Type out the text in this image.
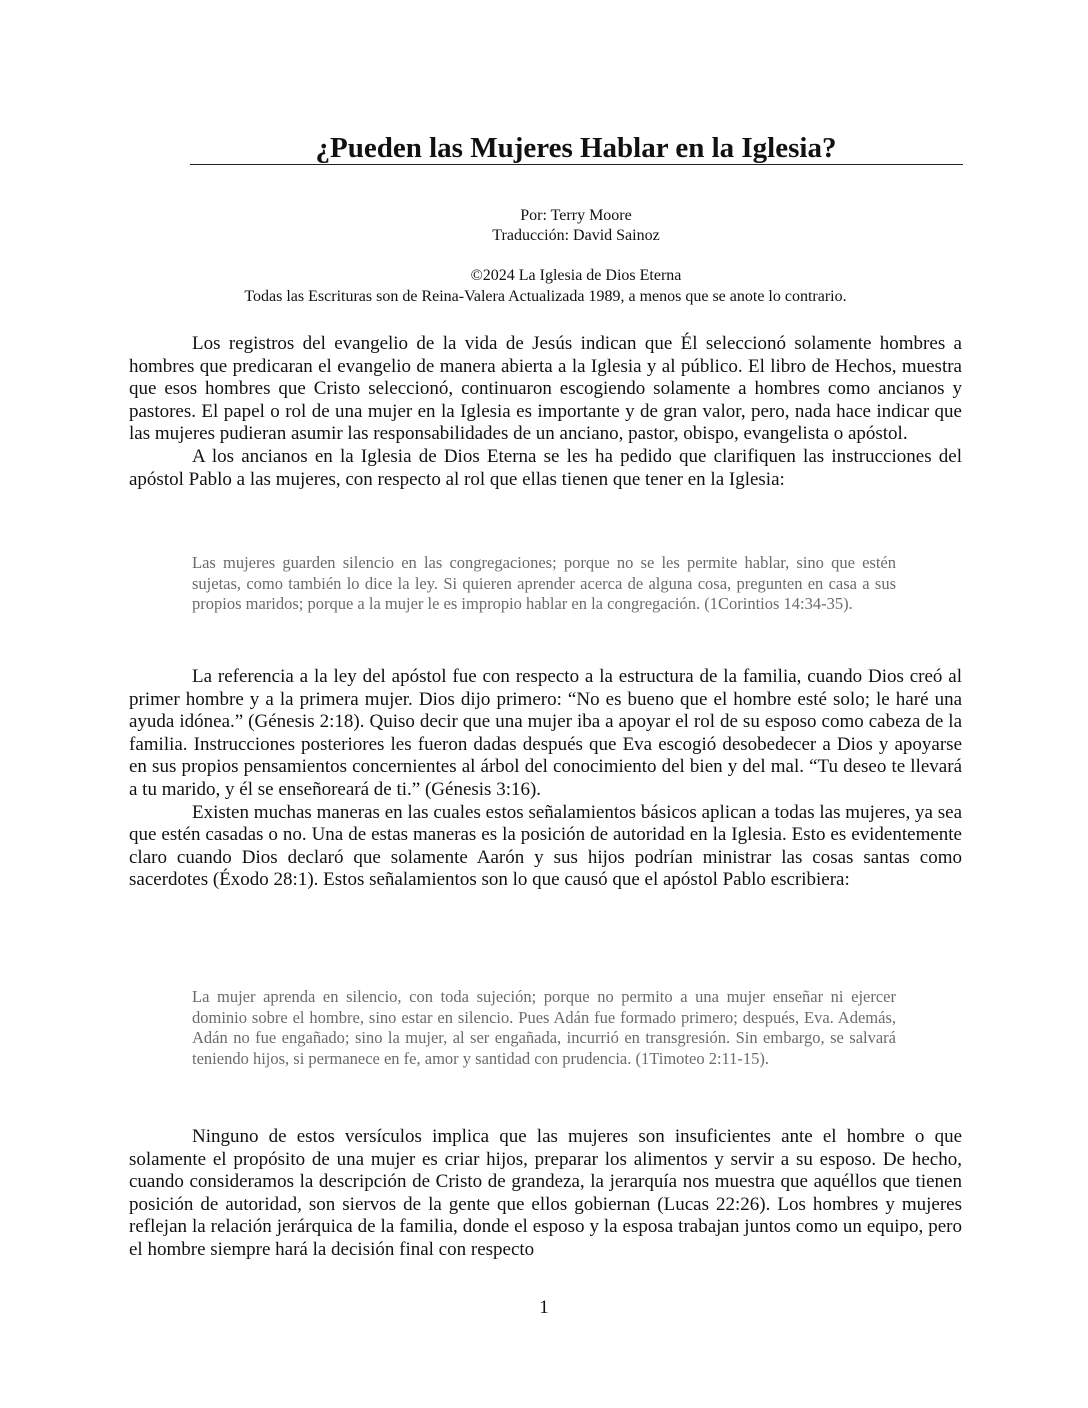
¿Pueden las Mujeres Hablar en la Iglesia?

Por: Terry Moore

Traducción: David Sainoz

©2024 La Iglesia de Dios Eterna

Todas las Escrituras son de Reina-Valera Actualizada 1989, a menos que se anote lo contrario.

Los registros del evangelio de la vida de Jesús indican que Él seleccionó solamente hombres a hombres que predicaran el evangelio de manera abierta a la Iglesia y al público. El libro de Hechos, muestra que esos hombres que Cristo seleccionó, continuaron escogiendo solamente a hombres como ancianos y pastores. El papel o rol de una mujer en la Iglesia es importante y de gran valor, pero, nada hace indicar que las mujeres pudieran asumir las responsabilidades de un anciano, pastor, obispo, evangelista o apóstol.

A los ancianos en la Iglesia de Dios Eterna se les ha pedido que clarifiquen las instrucciones del apóstol Pablo a las mujeres, con respecto al rol que ellas tienen que tener en la Iglesia:

Las mujeres guarden silencio en las congregaciones; porque no se les permite hablar, sino que estén sujetas, como también lo dice la ley. Si quieren aprender acerca de alguna cosa, pregunten en casa a sus propios maridos; porque a la mujer le es impropio hablar en la congregación. (1Corintios 14:34-35).

La referencia a la ley del apóstol fue con respecto a la estructura de la familia, cuando Dios creó al primer hombre y a la primera mujer. Dios dijo primero: “No es bueno que el hombre esté solo; le haré una ayuda idónea.” (Génesis 2:18). Quiso decir que una mujer iba a apoyar el rol de su esposo como cabeza de la familia. Instrucciones posteriores les fueron dadas después que Eva escogió desobedecer a Dios y apoyarse en sus propios pensamientos concernientes al árbol del conocimiento del bien y del mal. “Tu deseo te llevará a tu marido, y él se enseñoreará de ti.” (Génesis 3:16).

Existen muchas maneras en las cuales estos señalamientos básicos aplican a todas las mujeres, ya sea que estén casadas o no. Una de estas maneras es la posición de autoridad en la Iglesia. Esto es evidentemente claro cuando Dios declaró que solamente Aarón y sus hijos podrían ministrar las cosas santas como sacerdotes (Éxodo 28:1). Estos señalamientos son lo que causó que el apóstol Pablo escribiera:

La mujer aprenda en silencio, con toda sujeción; porque no permito a una mujer enseñar ni ejercer dominio sobre el hombre, sino estar en silencio. Pues Adán fue formado primero; después, Eva. Además, Adán no fue engañado; sino la mujer, al ser engañada, incurrió en transgresión. Sin embargo, se salvará teniendo hijos, si permanece en fe, amor y santidad con prudencia. (1Timoteo 2:11-15).

Ninguno de estos versículos implica que las mujeres son insuficientes ante el hombre o que solamente el propósito de una mujer es criar hijos, preparar los alimentos y servir a su esposo. De hecho, cuando consideramos la descripción de Cristo de grandeza, la jerarquía nos muestra que aquéllos que tienen posición de autoridad, son siervos de la gente que ellos gobiernan (Lucas 22:26). Los hombres y mujeres reflejan la relación jerárquica de la familia, donde el esposo y la esposa trabajan juntos como un equipo, pero el hombre siempre hará la decisión final con respecto

1
